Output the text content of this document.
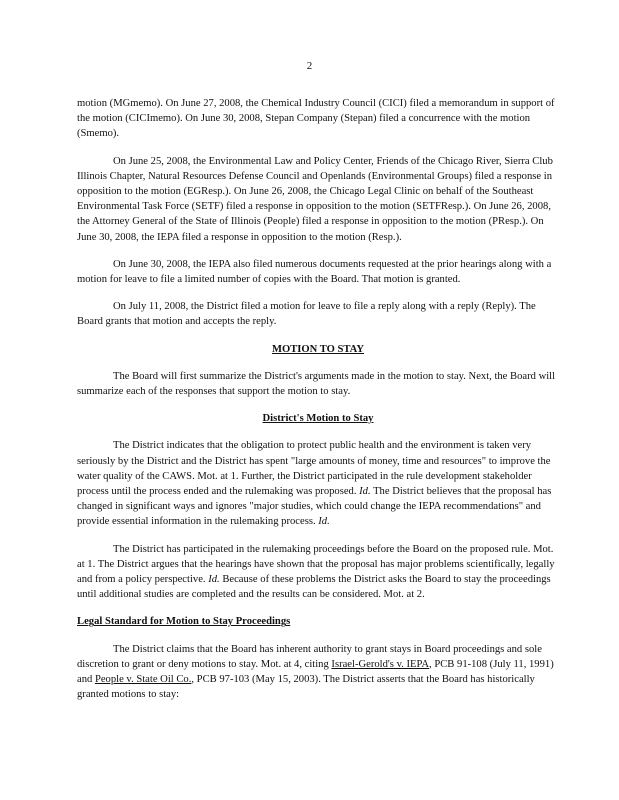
2

motion (MGmemo). On June 27, 2008, the Chemical Industry Council (CICI) filed a memorandum in support of the motion (CICImemo). On June 30, 2008, Stepan Company (Stepan) filed a concurrence with the motion (Smemo).

On June 25, 2008, the Environmental Law and Policy Center, Friends of the Chicago River, Sierra Club Illinois Chapter, Natural Resources Defense Council and Openlands (Environmental Groups) filed a response in opposition to the motion (EGResp.). On June 26, 2008, the Chicago Legal Clinic on behalf of the Southeast Environmental Task Force (SETF) filed a response in opposition to the motion (SETFResp.). On June 26, 2008, the Attorney General of the State of Illinois (People) filed a response in opposition to the motion (PResp.). On June 30, 2008, the IEPA filed a response in opposition to the motion (Resp.).

On June 30, 2008, the IEPA also filed numerous documents requested at the prior hearings along with a motion for leave to file a limited number of copies with the Board. That motion is granted.

On July 11, 2008, the District filed a motion for leave to file a reply along with a reply (Reply). The Board grants that motion and accepts the reply.

MOTION TO STAY

The Board will first summarize the District's arguments made in the motion to stay. Next, the Board will summarize each of the responses that support the motion to stay.

District's Motion to Stay

The District indicates that the obligation to protect public health and the environment is taken very seriously by the District and the District has spent "large amounts of money, time and resources" to improve the water quality of the CAWS. Mot. at 1. Further, the District participated in the rule development stakeholder process until the process ended and the rulemaking was proposed. Id. The District believes that the proposal has changed in significant ways and ignores "major studies, which could change the IEPA recommendations" and provide essential information in the rulemaking process. Id.

The District has participated in the rulemaking proceedings before the Board on the proposed rule. Mot. at 1. The District argues that the hearings have shown that the proposal has major problems scientifically, legally and from a policy perspective. Id. Because of these problems the District asks the Board to stay the proceedings until additional studies are completed and the results can be considered. Mot. at 2.

Legal Standard for Motion to Stay Proceedings

The District claims that the Board has inherent authority to grant stays in Board proceedings and sole discretion to grant or deny motions to stay. Mot. at 4, citing Israel-Gerold's v. IEPA, PCB 91-108 (July 11, 1991) and People v. State Oil Co., PCB 97-103 (May 15, 2003). The District asserts that the Board has historically granted motions to stay:
